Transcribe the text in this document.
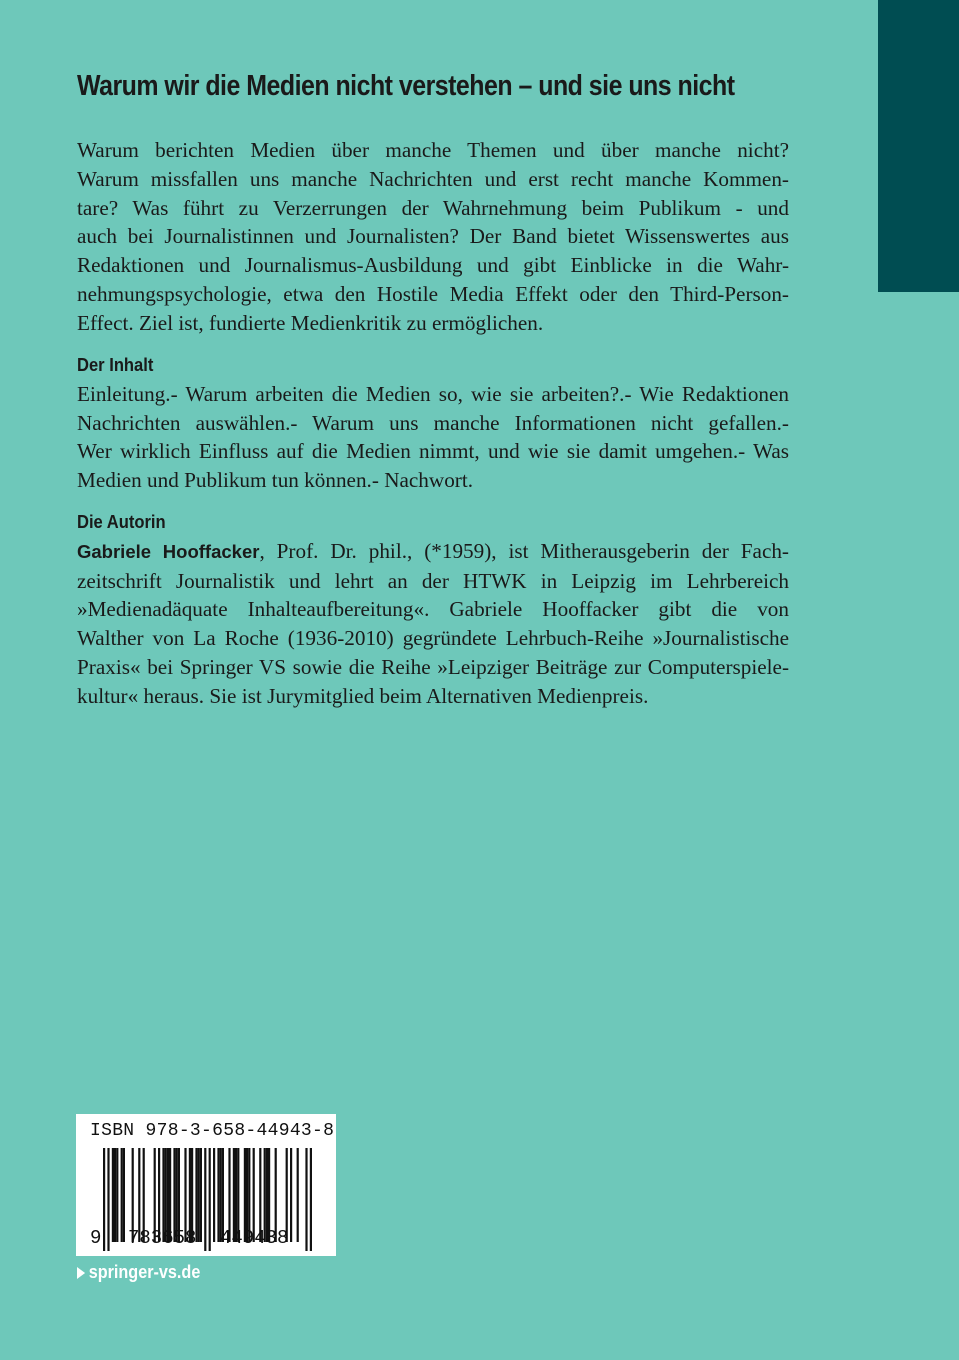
Warum wir die Medien nicht verstehen – und sie uns nicht

Warum berichten Medien über manche Themen und über manche nicht?

Warum missfallen uns manche Nachrichten und erst recht manche Kommen-

tare? Was führt zu Verzerrungen der Wahrnehmung beim Publikum - und

auch bei Journalistinnen und Journalisten? Der Band bietet Wissenswertes aus

Redaktionen und Journalismus-Ausbildung und gibt Einblicke in die Wahr-

nehmungspsychologie, etwa den Hostile Media Effekt oder den Third-Person-

Effect. Ziel ist, fundierte Medienkritik zu ermöglichen.

Der Inhalt

Einleitung.- Warum arbeiten die Medien so, wie sie arbeiten?.- Wie Redaktionen

Nachrichten auswählen.- Warum uns manche Informationen nicht gefallen.-

Wer wirklich Einfluss auf die Medien nimmt, und wie sie damit umgehen.- Was

Medien und Publikum tun können.- Nachwort.

Die Autorin

Gabriele Hooffacker, Prof. Dr. phil., (*1959), ist Mitherausgeberin der Fach-

zeitschrift Journalistik und lehrt an der HTWK in Leipzig im Lehrbereich

»Medienadäquate Inhalteaufbereitung«. Gabriele Hooffacker gibt die von

Walther von La Roche (1936-2010) gegründete Lehrbuch-Reihe »Journalistische

Praxis« bei Springer VS sowie die Reihe »Leipziger Beiträge zur Computerspiele-

kultur« heraus. Sie ist Jurymitglied beim Alternativen Medienpreis.

ISBN 978-3-658-44943-8
9 783658 449438
springer-vs.de
